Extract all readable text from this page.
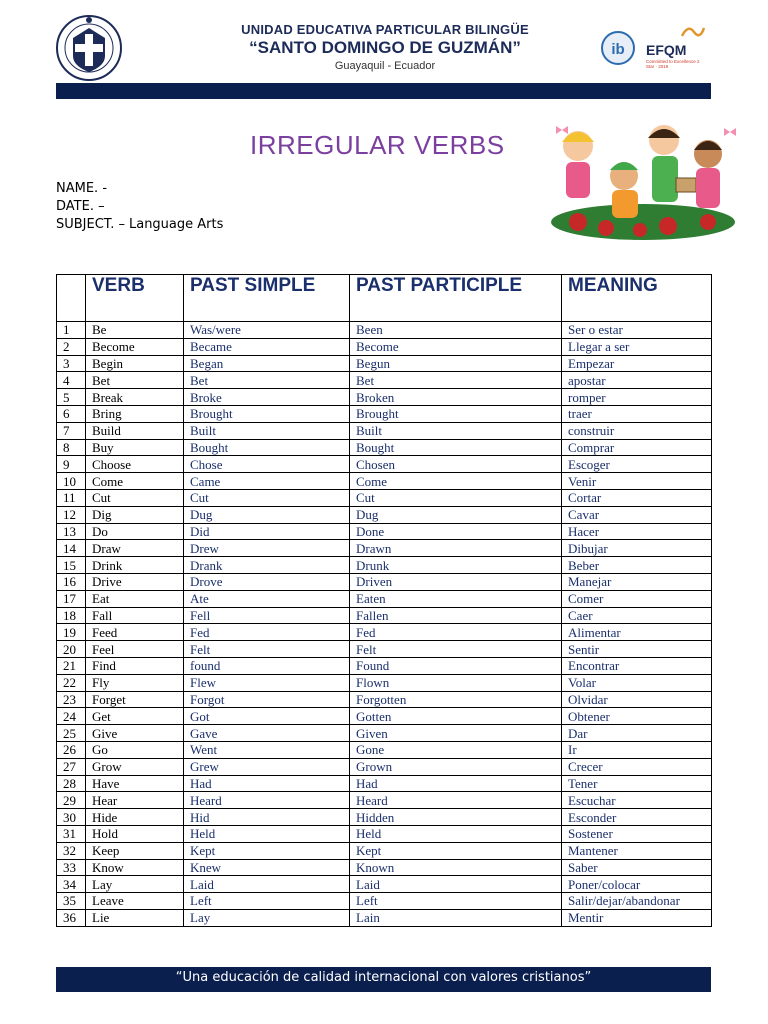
UNIDAD EDUCATIVA PARTICULAR BILINGÜE
“SANTO DOMINGO DE GUZMÁN”
Guayaquil - Ecuador
ib EFQM
Committed to Excellence 2 Star · 2019
IRREGULAR VERBS
NAME. -
DATE. –
SUBJECT. – Language Arts
	VERB	PAST SIMPLE	PAST PARTICIPLE	MEANING
1	Be	Was/were	Been	Ser o estar
2	Become	Became	Become	Llegar a ser
3	Begin	Began	Begun	Empezar
4	Bet	Bet	Bet	apostar
5	Break	Broke	Broken	romper
6	Bring	Brought	Brought	traer
7	Build	Built	Built	construir
8	Buy	Bought	Bought	Comprar
9	Choose	Chose	Chosen	Escoger
10	Come	Came	Come	Venir
11	Cut	Cut	Cut	Cortar
12	Dig	Dug	Dug	Cavar
13	Do	Did	Done	Hacer
14	Draw	Drew	Drawn	Dibujar
15	Drink	Drank	Drunk	Beber
16	Drive	Drove	Driven	Manejar
17	Eat	Ate	Eaten	Comer
18	Fall	Fell	Fallen	Caer
19	Feed	Fed	Fed	Alimentar
20	Feel	Felt	Felt	Sentir
21	Find	found	Found	Encontrar
22	Fly	Flew	Flown	Volar
23	Forget	Forgot	Forgotten	Olvidar
24	Get	Got	Gotten	Obtener
25	Give	Gave	Given	Dar
26	Go	Went	Gone	Ir
27	Grow	Grew	Grown	Crecer
28	Have	Had	Had	Tener
29	Hear	Heard	Heard	Escuchar
30	Hide	Hid	Hidden	Esconder
31	Hold	Held	Held	Sostener
32	Keep	Kept	Kept	Mantener
33	Know	Knew	Known	Saber
34	Lay	Laid	Laid	Poner/colocar
35	Leave	Left	Left	Salir/dejar/abandonar
36	Lie	Lay	Lain	Mentir
“Una educación de calidad internacional con valores cristianos”
